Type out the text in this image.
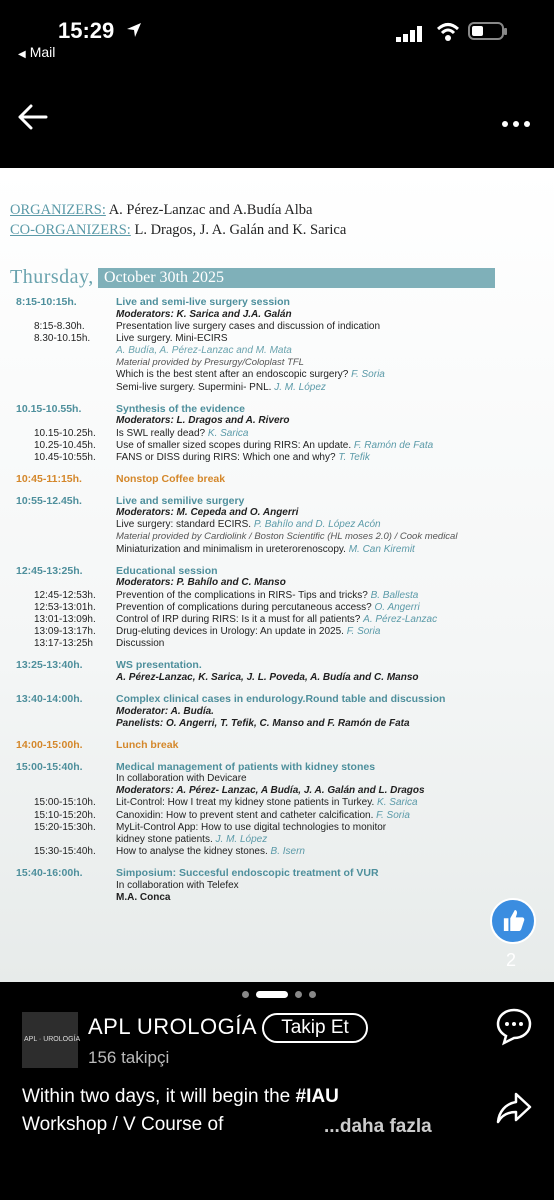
15:29
◀ Mail
ORGANIZERS: A. Pérez-Lanzac and A.Budía Alba
CO-ORGANIZERS: L. Dragos, J. A. Galán and K. Sarica
Thursday, October 30th 2025
8:15-10:15h.	Live and semi-live surgery session
Moderators: K. Sarica and J.A. Galán
8:15-8.30h.	Presentation live surgery cases and discussion of indication
8.30-10.15h.	Live surgery. Mini-ECIRS
A. Budía, A. Pérez-Lanzac and M. Mata
Material provided by Presurgy/Coloplast TFL
Which is the best stent after an endoscopic surgery? F. Soria
Semi-live surgery. Supermini- PNL. J. M. López
10.15-10.55h.	Synthesis of the evidence
Moderators: L. Dragos and A. Rivero
10.15-10.25h. Is SWL really dead? K. Sarica
10.25-10.45h. Use of smaller sized scopes during RIRS: An update. F. Ramón de Fata
10.45-10:55h. FANS or DISS during RIRS: Which one and why? T. Tefik
10:45-11:15h.	Nonstop Coffee break
10:55-12.45h.	Live and semilive surgery
Moderators: M. Cepeda and O. Angerri
Live surgery: standard ECIRS. P. Bahílo and D. López Acón
Material provided by Cardiolink / Boston Scientific (HL moses 2.0) / Cook medical
Miniaturization and minimalism in ureterorenoscopy. M. Can Kiremit
12:45-13:25h.	Educational session
Moderators: P. Bahílo and C. Manso
12:45-12:53h. Prevention of the complications in RIRS- Tips and tricks? B. Ballesta
12:53-13:01h. Prevention of complications during percutaneous access? O. Angerri
13:01-13:09h. Control of IRP during RIRS: Is it a must for all patients? A. Pérez-Lanzac
13:09-13:17h. Drug-eluting devices in Urology: An update in 2025. F. Soria
13:17-13:25h Discussion
13:25-13:40h.	WS presentation.
A. Pérez-Lanzac, K. Sarica, J. L. Poveda, A. Budía and C. Manso
13:40-14:00h.	Complex clinical cases in endurology.Round table and discussion
Moderator: A. Budía.
Panelists: O. Angerri, T. Tefik, C. Manso and F. Ramón de Fata
14:00-15:00h.	Lunch break
15:00-15:40h.	Medical management of patients with kidney stones
In collaboration with Devicare
Moderators: A. Pérez- Lanzac, A Budía, J. A. Galán and L. Dragos
15:00-15:10h. Lit-Control: How I treat my kidney stone patients in Turkey. K. Sarica
15:10-15:20h. Canoxidin: How to prevent stent and catheter calcification. F. Soria
15:20-15:30h. MyLit-Control App: How to use digital technologies to monitor
kidney stone patients. J. M. López
15:30-15:40h. How to analyse the kidney stones. B. Isern
15:40-16:00h.	Simposium: Succesful endoscopic treatment of VUR
In collaboration with Telefex
M.A. Conca
2
APL · UROLOGÍA
APL UROLOGÍA	Takip Et
156 takipçi
Within two days, it will begin the #IAU
Workshop / V Course of	...daha fazla
